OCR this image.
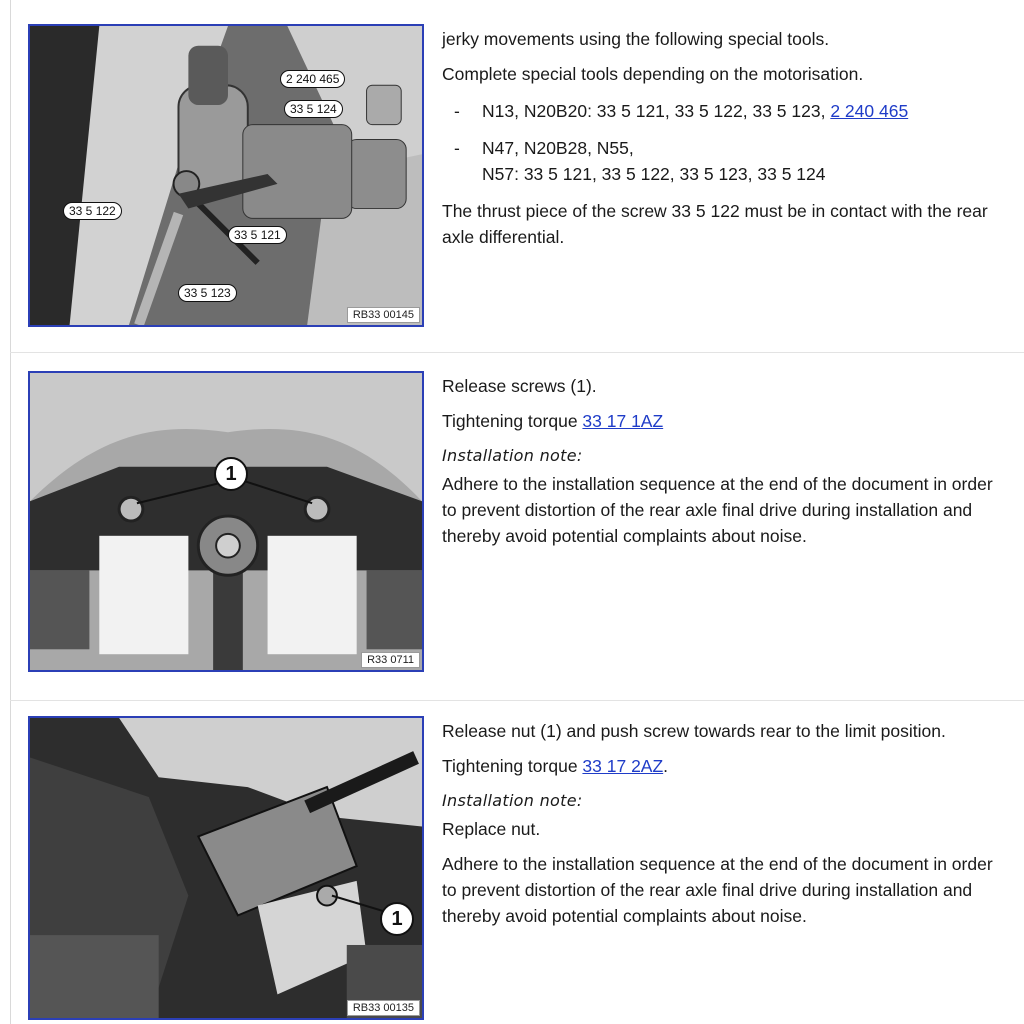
2 240 465
33 5 124
33 5 122
33 5 121
33 5 123
RB33 00145

jerky movements using the following special tools.

Complete special tools depending on the motorisation.

-	N13, N20B20: 33 5 121, 33 5 122, 33 5 123, 2 240 465
-	N47, N20B28, N55,
N57: 33 5 121, 33 5 122, 33 5 123, 33 5 124

The thrust piece of the screw 33 5 122 must be in contact with the rear axle differential.

1
R33 0711

Release screws (1).

Tightening torque 33 17 1AZ

Installation note:

Adhere to the installation sequence at the end of the document in order to prevent distortion of the rear axle final drive during installation and thereby avoid potential complaints about noise.

1
RB33 00135

Release nut (1) and push screw towards rear to the limit position.

Tightening torque 33 17 2AZ.

Installation note:

Replace nut.

Adhere to the installation sequence at the end of the document in order to prevent distortion of the rear axle final drive during installation and thereby avoid potential complaints about noise.
